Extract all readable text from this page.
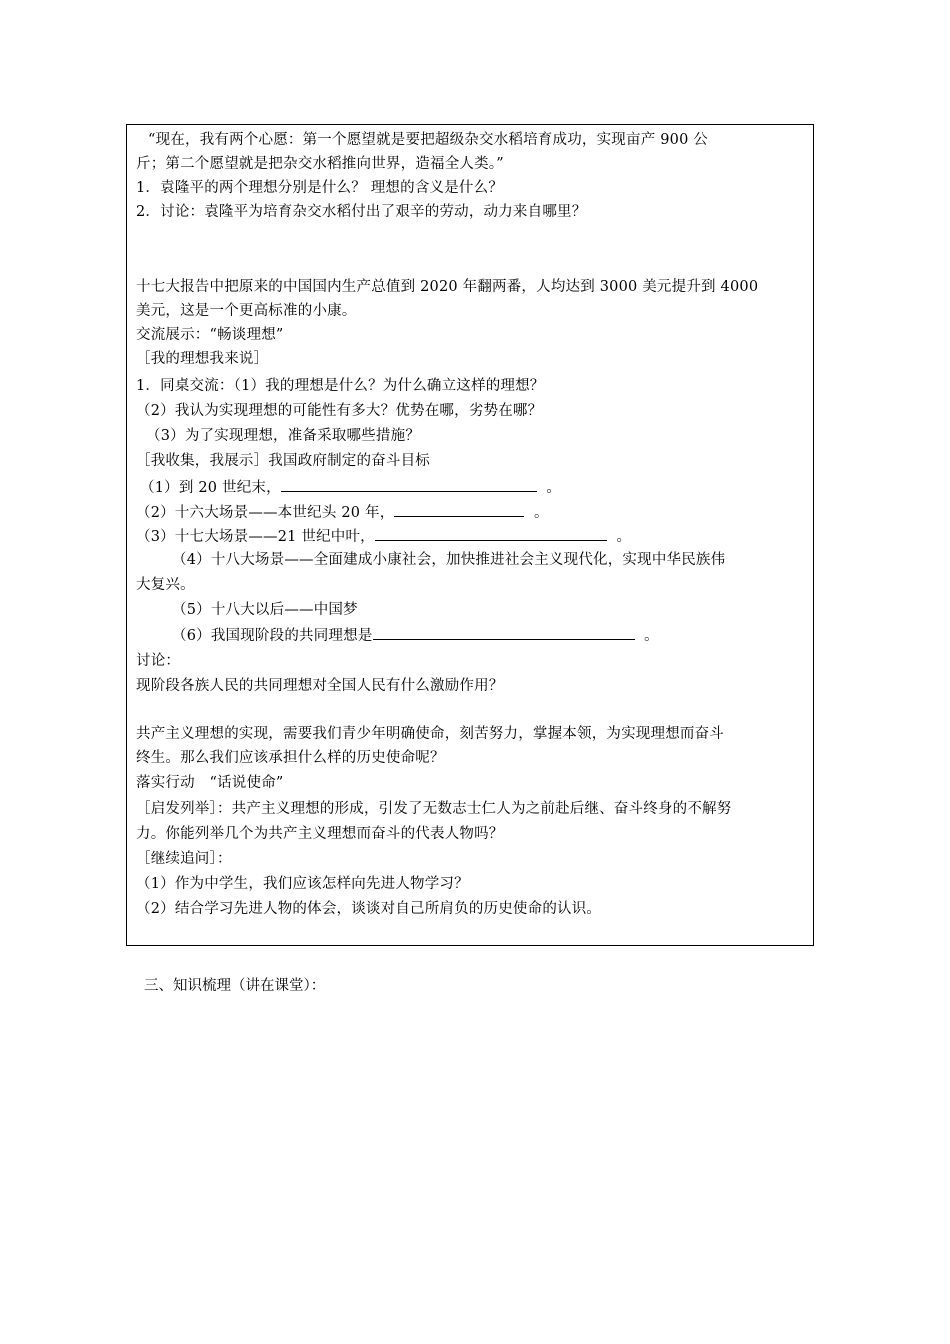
“现在，我有两个心愿：第一个愿望就是要把超级杂交水稻培育成功，实现亩产 900 公
斤；第二个愿望就是把杂交水稻推向世界，造福全人类。”
1．袁隆平的两个理想分别是什么？ 理想的含义是什么？
2．讨论：袁隆平为培育杂交水稻付出了艰辛的劳动，动力来自哪里？
十七大报告中把原来的中国国内生产总值到 2020 年翻两番，人均达到 3000 美元提升到 4000
美元，这是一个更高标准的小康。
交流展示：“畅谈理想”
［我的理想我来说］
1．同桌交流：（1）我的理想是什么？为什么确立这样的理想？
（2）我认为实现理想的可能性有多大？优势在哪，劣势在哪？
（3）为了实现理想，准备采取哪些措施？
［我收集，我展示］我国政府制定的奋斗目标
（1）到 20 世纪末，	。
（2）十六大场景——本世纪头 20 年，	。
（3）十七大场景——21 世纪中叶，	。
（4）十八大场景——全面建成小康社会，加快推进社会主义现代化，实现中华民族伟
大复兴。
（5）十八大以后——中国梦
（6）我国现阶段的共同理想是	。
讨论：
现阶段各族人民的共同理想对全国人民有什么激励作用？
共产主义理想的实现，需要我们青少年明确使命，刻苦努力，掌握本领，为实现理想而奋斗
终生。那么我们应该承担什么样的历史使命呢？
落实行动　“话说使命”
［启发列举］：共产主义理想的形成，引发了无数志士仁人为之前赴后继、奋斗终身的不解努
力。你能列举几个为共产主义理想而奋斗的代表人物吗？
［继续追问］：
（1）作为中学生，我们应该怎样向先进人物学习？
（2）结合学习先进人物的体会，谈谈对自己所肩负的历史使命的认识。
三、知识梳理（讲在课堂）：
